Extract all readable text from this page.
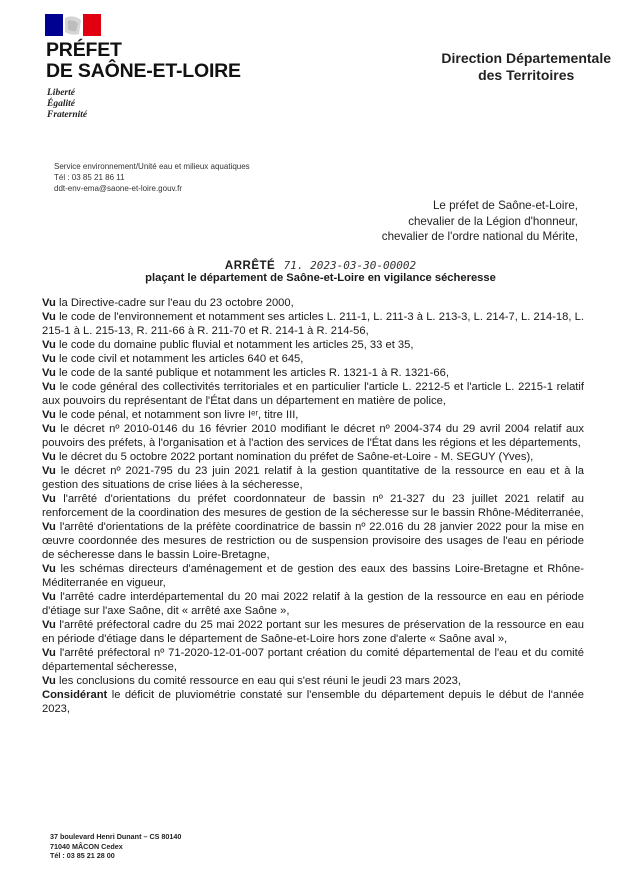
PRÉFET
DE SAÔNE-ET-LOIRE
Liberté
Égalité
Fraternité
Direction Départementale
des Territoires
Service environnement/Unité eau et milieux aquatiques
Tél : 03 85 21 86 11
ddt-env-ema@saone-et-loire.gouv.fr
Le préfet de Saône-et-Loire,
chevalier de la Légion d'honneur,
chevalier de l'ordre national du Mérite,
ARRÊTÉ 71. 2023-03-30-00002
plaçant le département de Saône-et-Loire en vigilance sécheresse

Vu la Directive-cadre sur l'eau du 23 octobre 2000,

Vu le code de l'environnement et notamment ses articles L. 211-1, L. 211-3 à L. 213-3, L. 214-7, L. 214-18, L. 215-1 à L. 215-13, R. 211-66 à R. 211-70 et R. 214-1 à R. 214-56,

Vu le code du domaine public fluvial et notamment les articles 25, 33 et 35,

Vu le code civil et notamment les articles 640 et 645,

Vu le code de la santé publique et notamment les articles R. 1321-1 à R. 1321-66,

Vu le code général des collectivités territoriales et en particulier l'article L. 2212-5 et l'article L. 2215-1 relatif aux pouvoirs du représentant de l'État dans un département en matière de police,

Vu le code pénal, et notamment son livre Iᵉʳ, titre III,

Vu le décret nº 2010-0146 du 16 février 2010 modifiant le décret nº 2004-374 du 29 avril 2004 relatif aux pouvoirs des préfets, à l'organisation et à l'action des services de l'État dans les régions et les départements,

Vu le décret du 5 octobre 2022 portant nomination du préfet de Saône-et-Loire - M. SEGUY (Yves),

Vu le décret nº 2021-795 du 23 juin 2021 relatif à la gestion quantitative de la ressource en eau et à la gestion des situations de crise liées à la sécheresse,

Vu l'arrêté d'orientations du préfet coordonnateur de bassin nº 21-327 du 23 juillet 2021 relatif au renforcement de la coordination des mesures de gestion de la sécheresse sur le bassin Rhône-Méditerranée,

Vu l'arrêté d'orientations de la préfète coordinatrice de bassin nº 22.016 du 28 janvier 2022 pour la mise en œuvre coordonnée des mesures de restriction ou de suspension provisoire des usages de l'eau en période de sécheresse dans le bassin Loire-Bretagne,

Vu les schémas directeurs d'aménagement et de gestion des eaux des bassins Loire-Bretagne et Rhône-Méditerranée en vigueur,

Vu l'arrêté cadre interdépartemental du 20 mai 2022 relatif à la gestion de la ressource en eau en période d'étiage sur l'axe Saône, dit « arrêté axe Saône »,

Vu l'arrêté préfectoral cadre du 25 mai 2022 portant sur les mesures de préservation de la ressource en eau en période d'étiage dans le département de Saône-et-Loire hors zone d'alerte « Saône aval »,

Vu l'arrêté préfectoral nº 71-2020-12-01-007 portant création du comité départemental de l'eau et du comité départemental sécheresse,

Vu les conclusions du comité ressource en eau qui s'est réuni le jeudi 23 mars 2023,

Considérant le déficit de pluviométrie constaté sur l'ensemble du département depuis le début de l'année 2023,

37 boulevard Henri Dunant – CS 80140
71040 MÂCON Cedex
Tél : 03 85 21 28 00
